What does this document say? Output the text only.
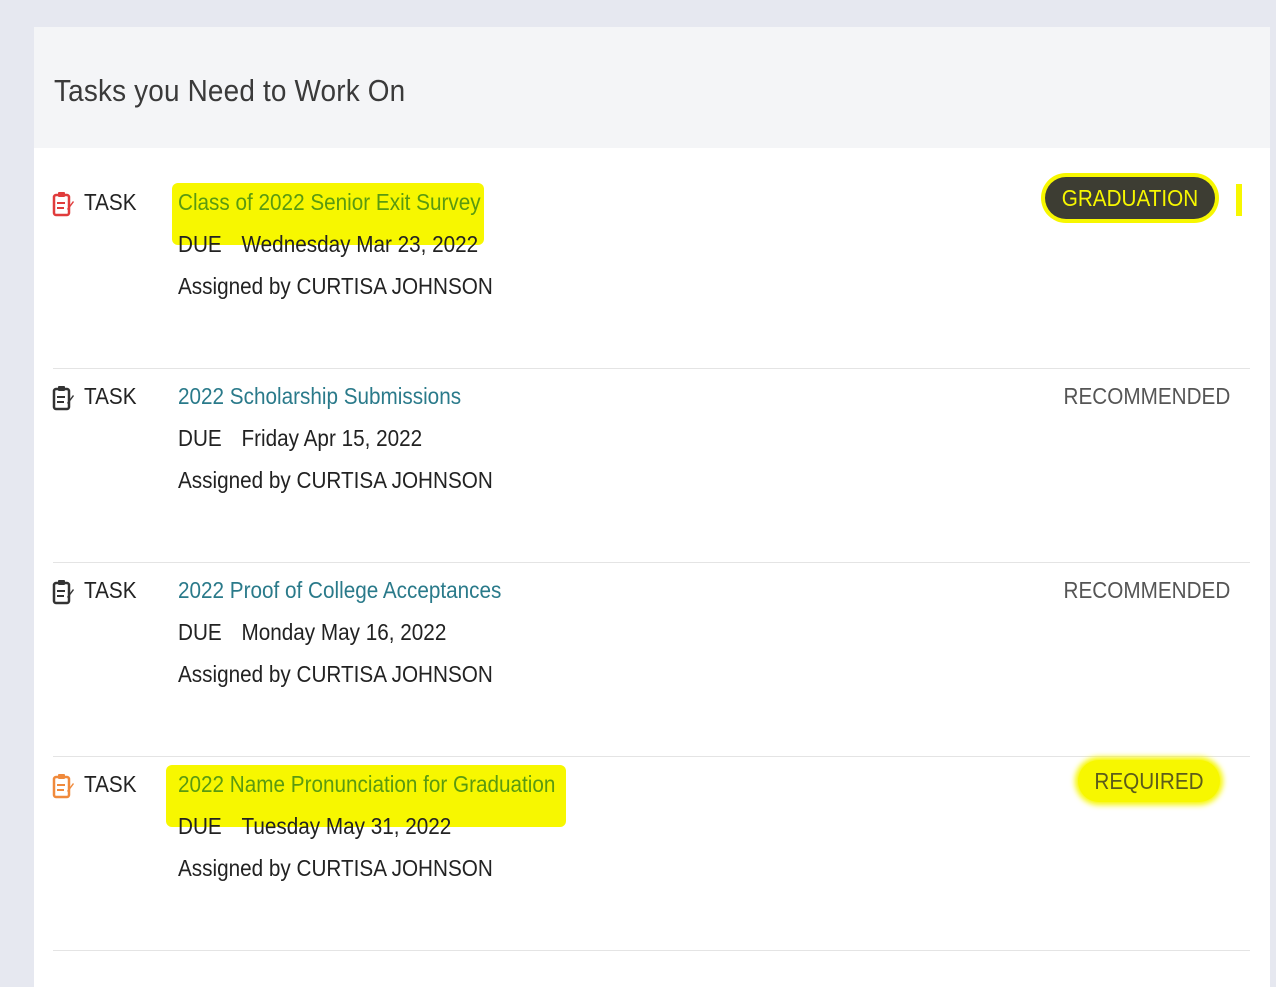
Tasks you Need to Work On
TASK Class of 2022 Senior Exit Survey
DUE Wednesday Mar 23, 2022
Assigned by CURTISA JOHNSON
TASK 2022 Scholarship Submissions
DUE Friday Apr 15, 2022
Assigned by CURTISA JOHNSON
RECOMMENDED
TASK 2022 Proof of College Acceptances
DUE Monday May 16, 2022
Assigned by CURTISA JOHNSON
RECOMMENDED
TASK 2022 Name Pronunciation for Graduation
DUE Tuesday May 31, 2022
Assigned by CURTISA JOHNSON
GRADUATION
REQUIRED
